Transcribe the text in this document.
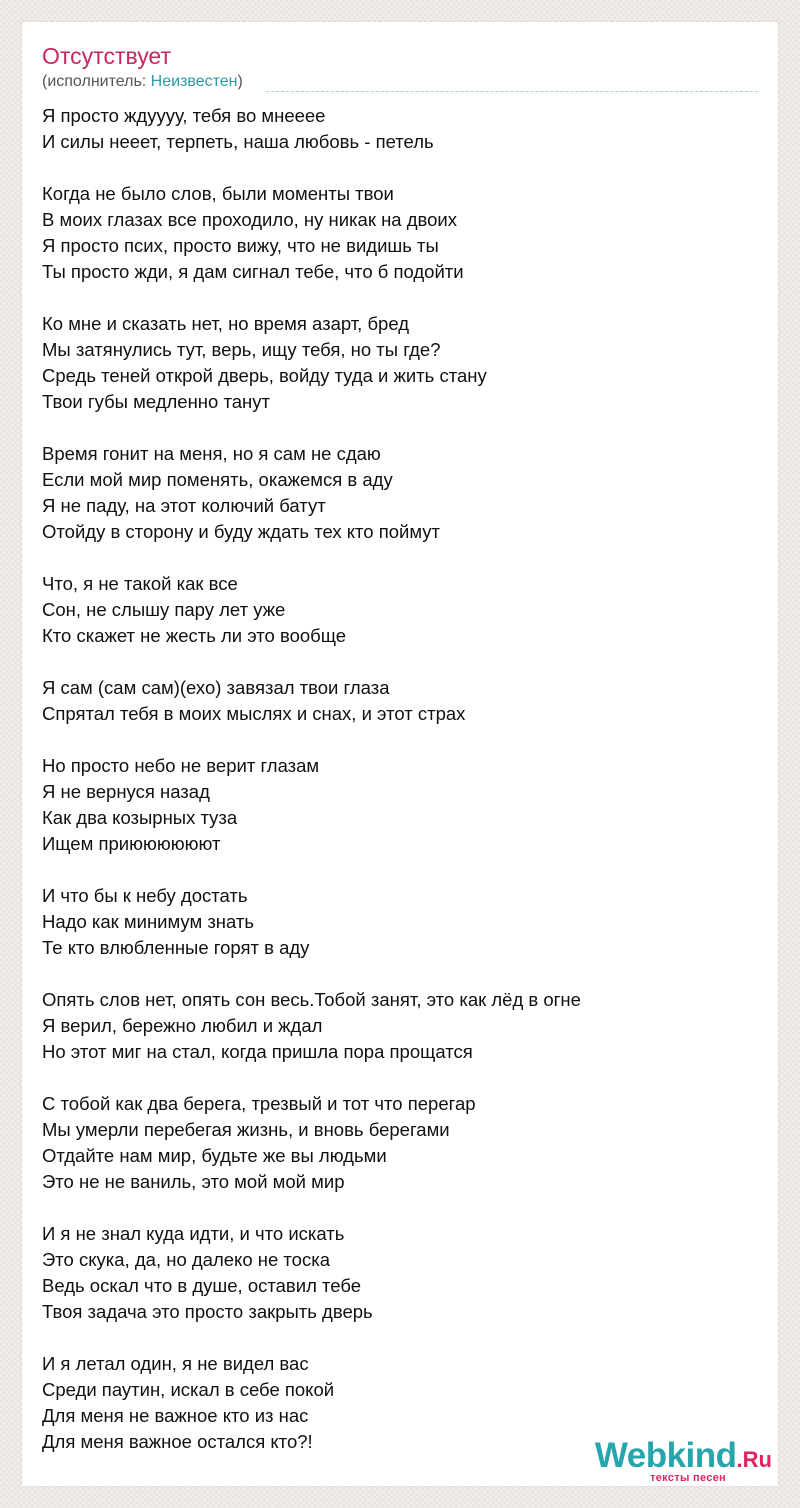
Отсутствует
(исполнитель: Неизвестен)
Я просто ждуууу, тебя во мнееее
И силы нееет, терпеть, наша любовь - петель
Когда не было слов, были моменты твои
В моих глазах все проходило, ну никак на двоих
Я просто псих, просто вижу, что не видишь ты
Ты просто жди, я дам сигнал тебе, что б подойти
Ко мне и сказать нет, но время азарт, бред
Мы затянулись тут, верь, ищу тебя, но ты где?
Средь теней открой дверь, войду туда и жить стану
Твои губы медленно танут
Время гонит на меня, но я сам не сдаю
Если мой мир поменять, окажемся в аду
Я не паду, на этот колючий батут
Отойду в сторону и буду ждать тех кто поймут
Что, я не такой как все
Сон, не слышу пару лет уже
Кто скажет не жесть ли это вообще
Я сам (сам сам)(ехо) завязал твои глаза
Спрятал тебя в моих мыслях и снах, и этот страх
Но просто небо не верит глазам
Я не вернуся назад
Как два козырных туза
Ищем приюююююют
И что бы к небу достать
Надо как минимум знать
Те кто влюбленные горят в аду
Опять слов нет, опять сон весь.Тобой занят, это как лёд в огне
Я верил, бережно любил и ждал
Но этот миг на стал, когда пришла пора прощатся
С тобой как два берега, трезвый и тот что перегар
Мы умерли перебегая жизнь, и вновь берегами
Отдайте нам мир, будьте же вы людьми
Это не не ваниль, это мой мой мир
И я не знал куда идти, и что искать
Это скука, да, но далеко не тоска
Ведь оскал что в душе, оставил тебе
Твоя задача это просто закрыть дверь
И я летал один, я не видел вас
Среди паутин, искал в себе покой
Для меня не важное кто из нас
Для меня важное остался кто?!	Webkind.Ru
тексты песен
